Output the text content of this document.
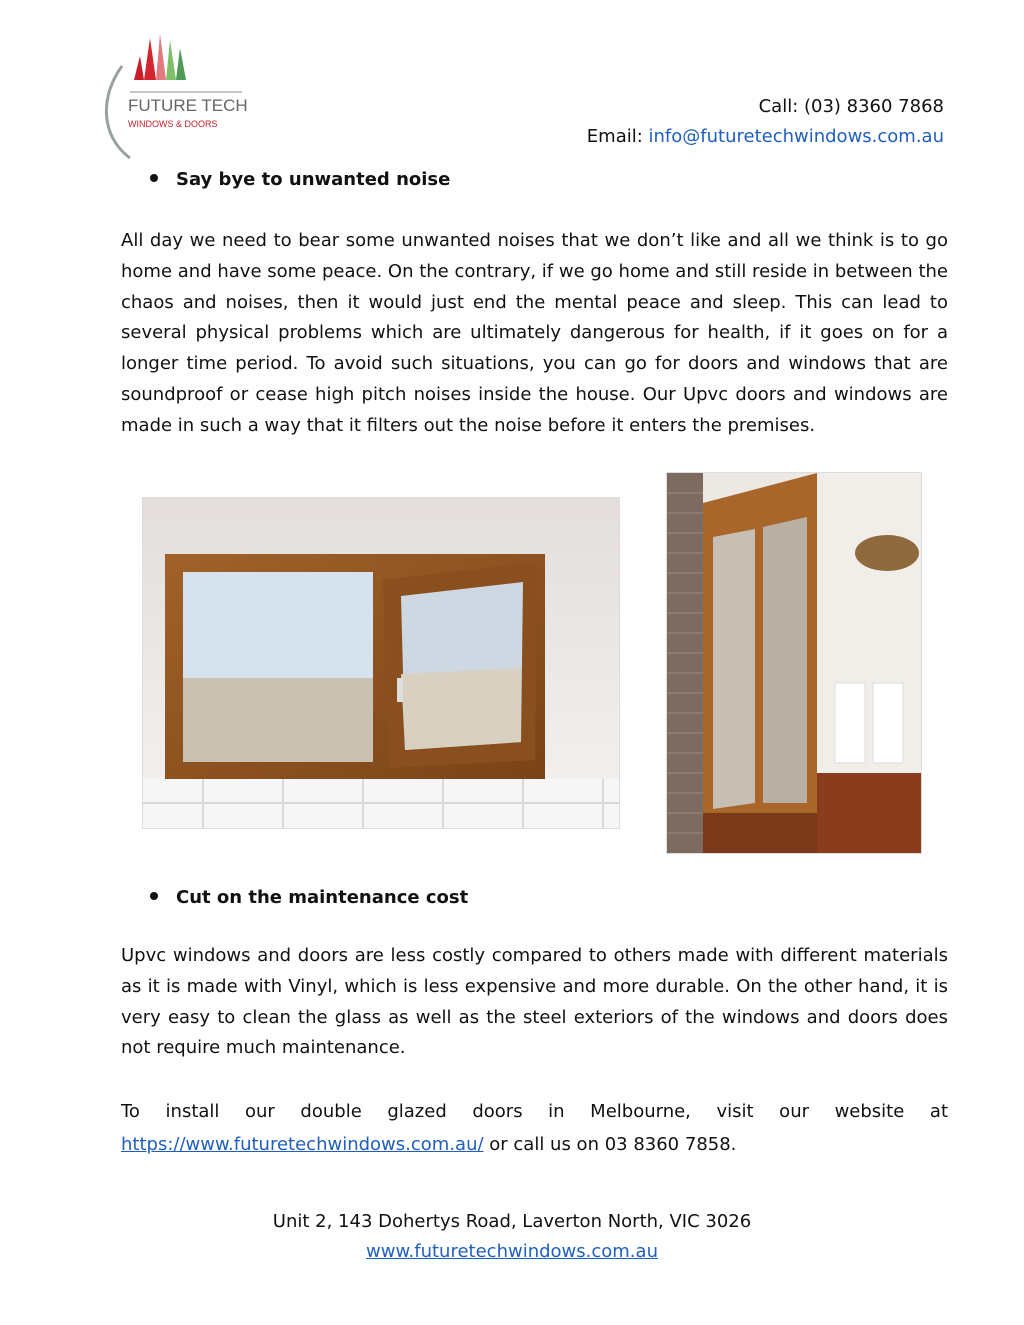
FUTURE TECH
WINDOWS & DOORS
Call: (03) 8360 7868
Email: info@futuretechwindows.com.au
Say bye to unwanted noise
All day we need to bear some unwanted noises that we don’t like and all we think is to go home and have some peace. On the contrary, if we go home and still reside in between the chaos and noises, then it would just end the mental peace and sleep. This can lead to several physical problems which are ultimately dangerous for health, if it goes on for a longer time period. To avoid such situations, you can go for doors and windows that are soundproof or cease high pitch noises inside the house. Our Upvc doors and windows are made in such a way that it filters out the noise before it enters the premises.
Cut on the maintenance cost
Upvc windows and doors are less costly compared to others made with different materials as it is made with Vinyl, which is less expensive and more durable. On the other hand, it is very easy to clean the glass as well as the steel exteriors of the windows and doors does not require much maintenance.
To install our double glazed doors in Melbourne, visit our website at
https://www.futuretechwindows.com.au/ or call us on 03 8360 7858.
Unit 2, 143 Dohertys Road, Laverton North, VIC 3026
www.futuretechwindows.com.au
